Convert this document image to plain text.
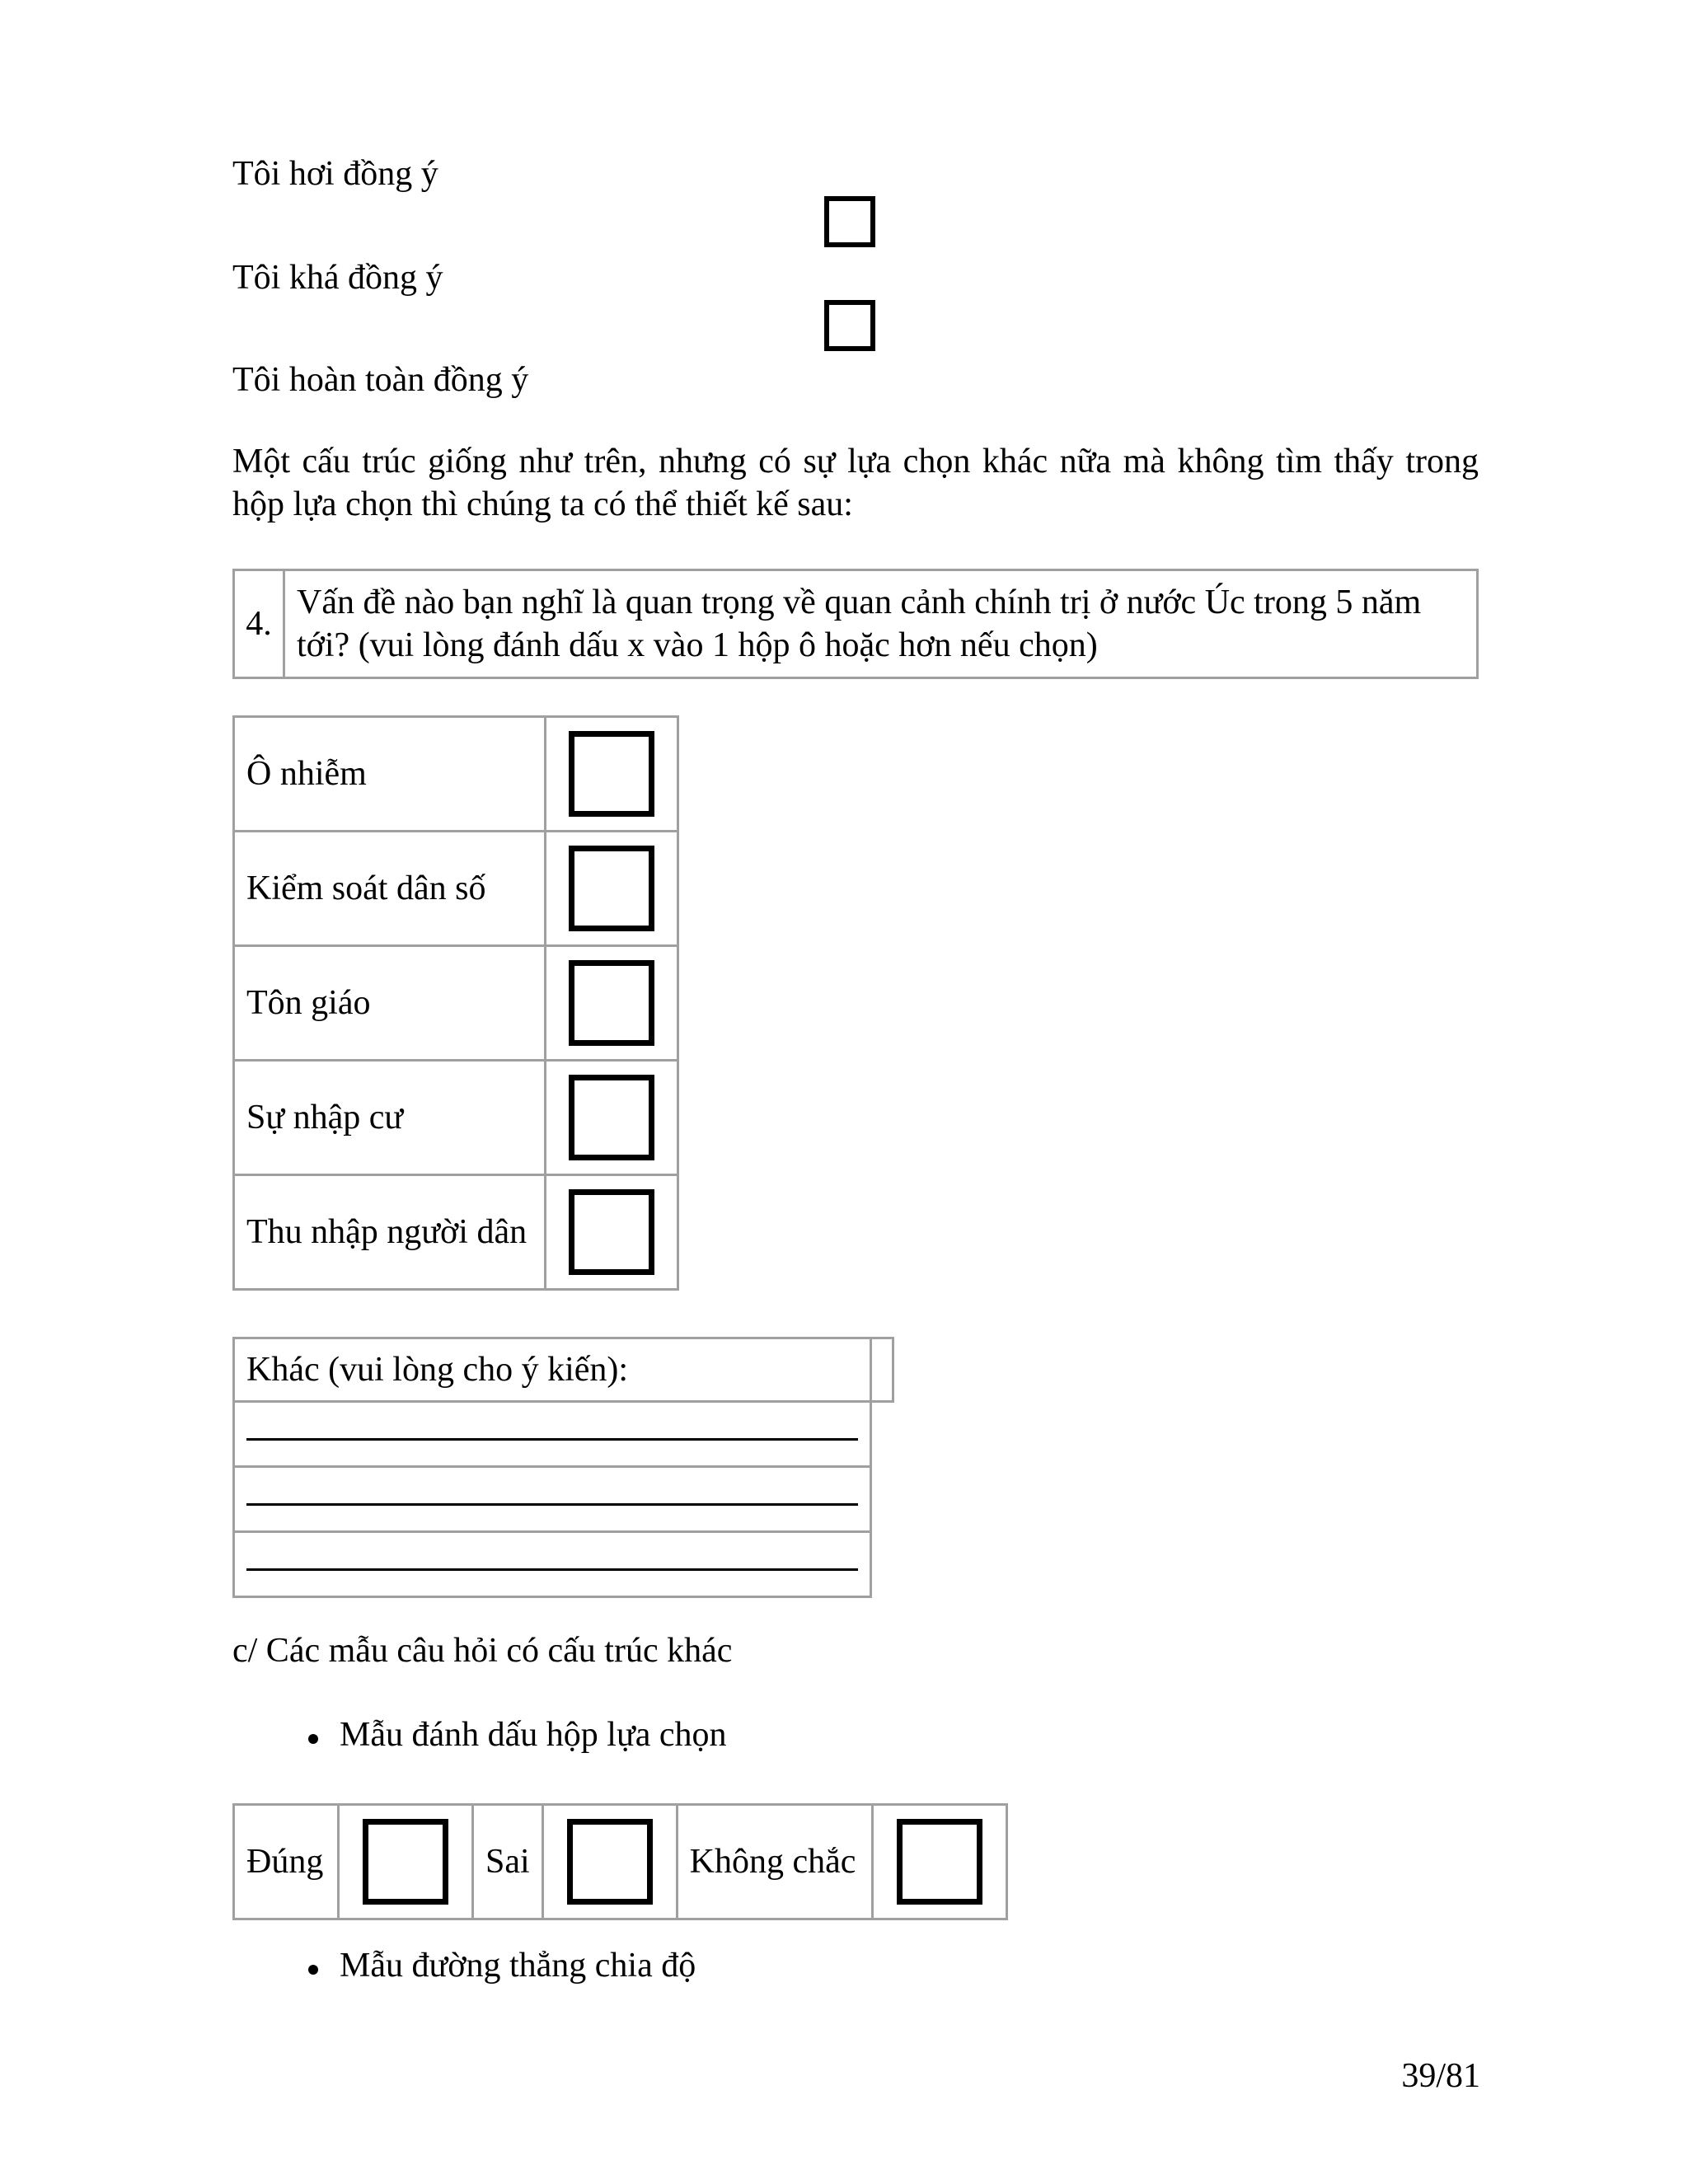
Tôi hơi đồng ý
Tôi khá đồng ý
Tôi hoàn toàn đồng ý
Một cấu trúc giống như trên, nhưng có sự lựa chọn khác nữa mà không tìm thấy trong hộp lựa chọn thì chúng ta có thể thiết kế sau:
4.	Vấn đề nào bạn nghĩ là quan trọng về quan cảnh chính trị ở nước Úc trong 5 năm tới? (vui lòng đánh dấu x vào 1 hộp ô hoặc hơn nếu chọn)
Ô nhiễm	
Kiểm soát dân số	
Tôn giáo	
Sự nhập cư	
Thu nhập người dân	
Khác (vui lòng cho ý kiến):	

c/ Các mẫu câu hỏi có cấu trúc khác
Mẫu đánh dấu hộp lựa chọn
Đúng		Sai		Không chắc	
Mẫu đường thẳng chia độ
39/81
